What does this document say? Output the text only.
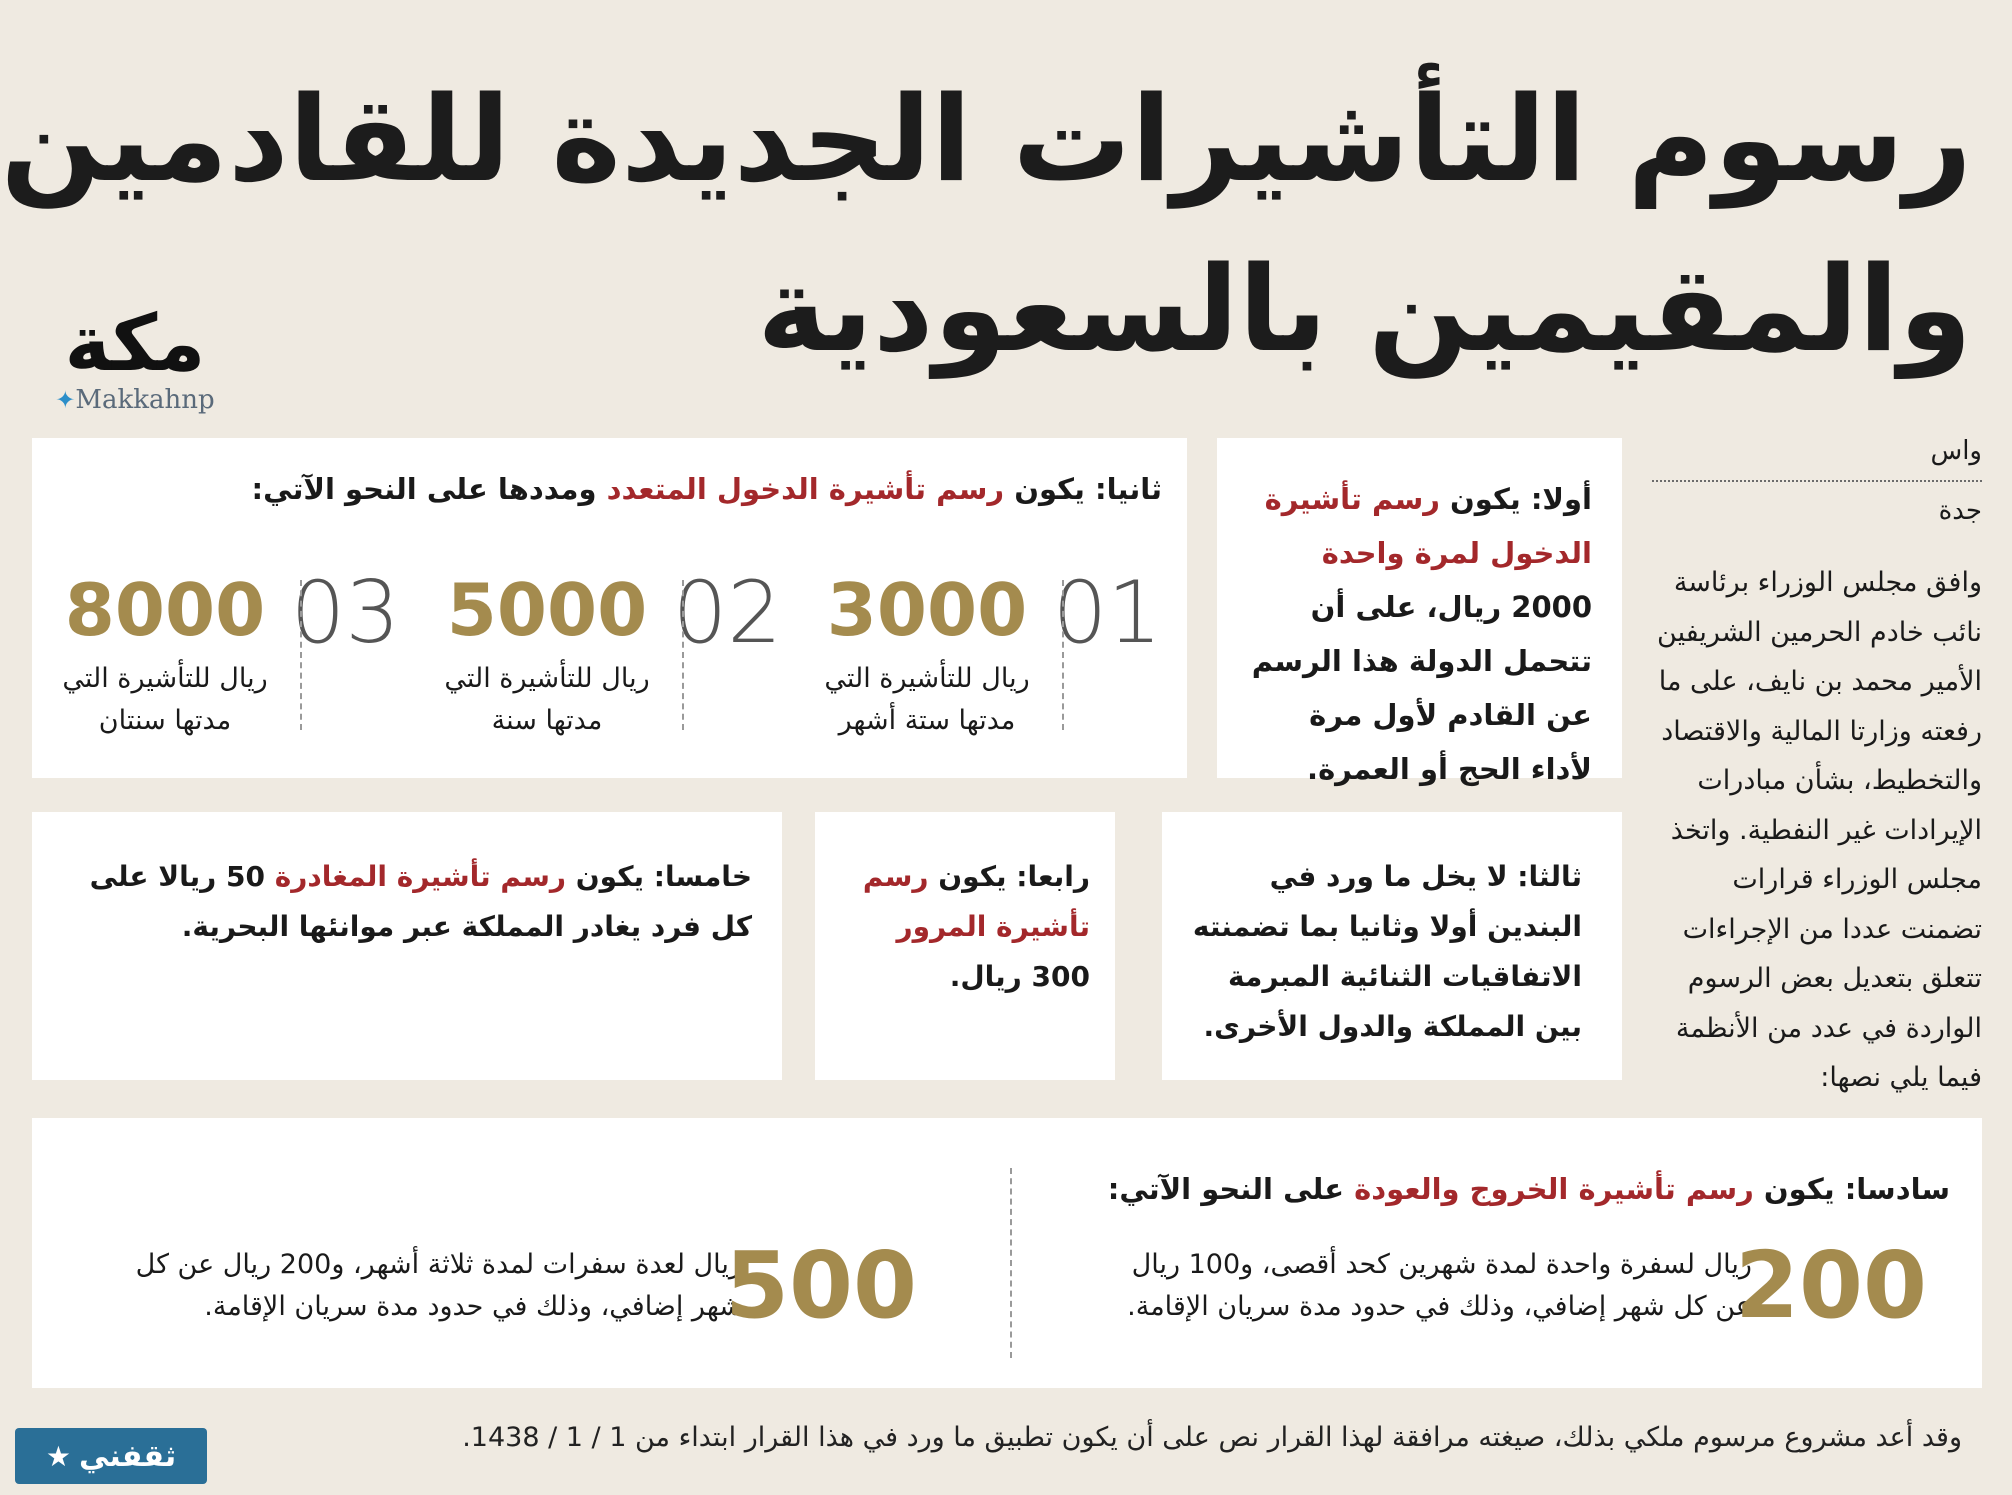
رسوم التأشيرات الجديدة للقادمين
والمقيمين بالسعودية
مكة
✦Makkahnp
واس
جدة
وافق مجلس الوزراء برئاسة نائب خادم الحرمين الشريفين الأمير محمد بن نايف، على ما رفعته وزارتا المالية والاقتصاد والتخطيط، بشأن مبادرات الإيرادات غير النفطية. واتخذ مجلس الوزراء قرارات تضمنت عددا من الإجراءات تتعلق بتعديل بعض الرسوم الواردة في عدد من الأنظمة فيما يلي نصها:
أولا: يكون رسم تأشيرة الدخول لمرة واحدة 2000 ريال، على أن تتحمل الدولة هذا الرسم عن القادم لأول مرة لأداء الحج أو العمرة.
ثانيا: يكون رسم تأشيرة الدخول المتعدد ومددها على النحو الآتي:
01
3000
ريال للتأشيرة التي مدتها ستة أشهر
02
5000
ريال للتأشيرة التي مدتها سنة
03
8000
ريال للتأشيرة التي مدتها سنتان
ثالثا: لا يخل ما ورد في البندين أولا وثانيا بما تضمنته الاتفاقيات الثنائية المبرمة بين المملكة والدول الأخرى.
رابعا: يكون رسم تأشيرة المرور 300 ريال.
خامسا: يكون رسم تأشيرة المغادرة 50 ريالا على كل فرد يغادر المملكة عبر موانئها البحرية.
سادسا: يكون رسم تأشيرة الخروج والعودة على النحو الآتي:
200 ريال لسفرة واحدة لمدة شهرين كحد أقصى، و100 ريال عن كل شهر إضافي، وذلك في حدود مدة سريان الإقامة.
500 ريال لعدة سفرات لمدة ثلاثة أشهر، و200 ريال عن كل شهر إضافي، وذلك في حدود مدة سريان الإقامة.
وقد أعد مشروع مرسوم ملكي بذلك، صيغته مرافقة لهذا القرار نص على أن يكون تطبيق ما ورد في هذا القرار ابتداء من 1 / 1 / 1438.
★ ثقفني
